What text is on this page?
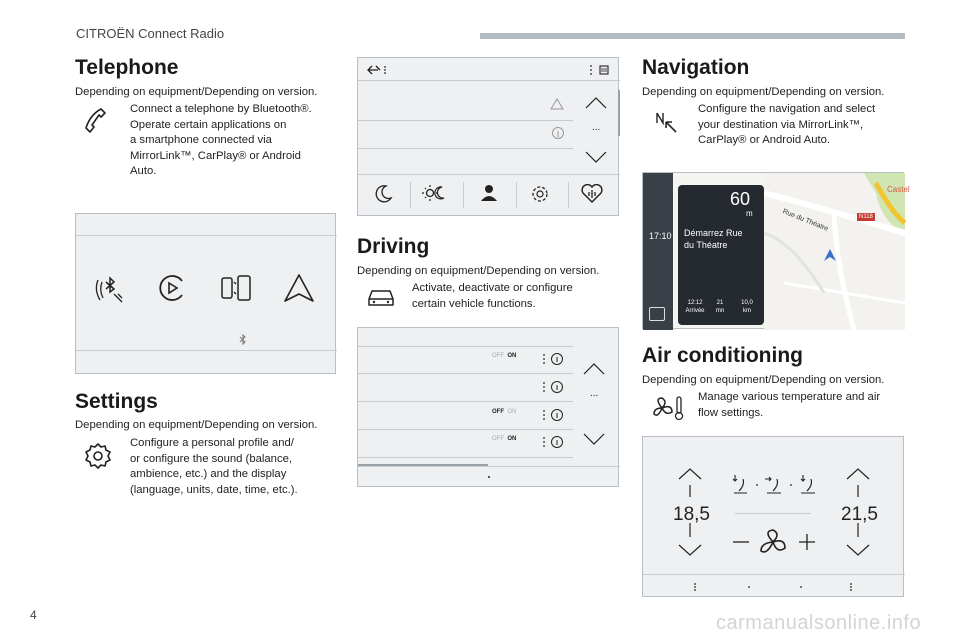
CITROËN Connect Radio
Telephone
Depending on equipment/Depending on version.
Connect a telephone by Bluetooth®.
Operate certain applications on
a smartphone connected via
MirrorLink™, CarPlay® or Android
Auto.
Settings
Depending on equipment/Depending on version.
Configure a personal profile and/
or configure the sound (balance,
ambience, etc.) and the display
(language, units, date, time, etc.).
...
Driving
Depending on equipment/Depending on version.
Activate, deactivate or configure
certain vehicle functions.
OFF ON
OFF ON
OFF ON
...
Navigation
Depending on equipment/Depending on version.
Configure the navigation and select
your destination via MirrorLink™,
CarPlay® or Android Auto.
17:10
Castel
Rue du Théatre	N118
60
m
Démarrez Rue
du Théatre
12:12
Arrivée
21
mn
10,0
km
Air conditioning
Depending on equipment/Depending on version.
Manage various temperature and air
flow settings.
18,5	21,5
4	carmanualsonline.info
